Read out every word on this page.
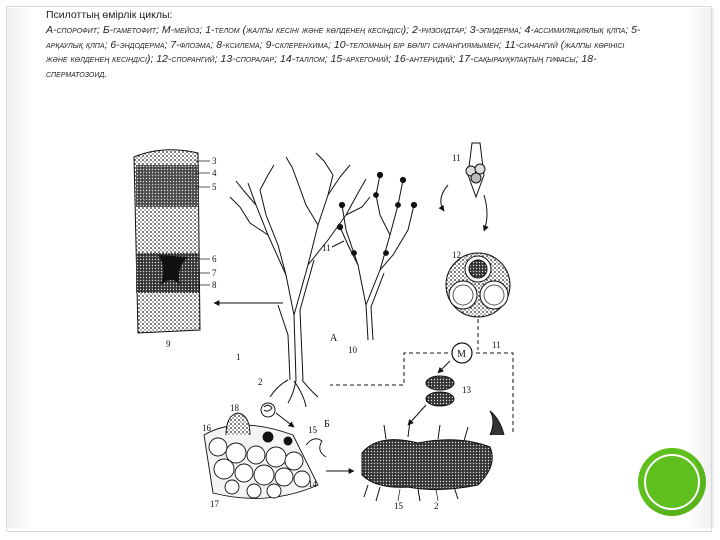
Псилоттың өмірлік циклы:
А-спорофит; Б-гаметофит; М-мейоз; 1-телом (жалпы кесіні және көлденең кесіндісі); 2-ризоидтар; 3-эпидерма; 4-ассимиляциялық қлпа; 5-арқаулық қлпа; 6-эндодерма; 7-флоэма; 8-ксилема; 9-склеренхима; 10-теломның бір бөлігі синангиямымен; 11-синангий (жалпы көрінісі және көлденең кесіндісі); 12-спорангий; 13-споралар; 14-таллом; 15-архегоний; 16-антеридий; 17-сақырауқұлақтың гифасы; 18-сперматозоид.
3
4
5
6
7
8
9
1
2
А
11
10
11
12
11
М
13
Б
18
16	15
17
14
15	2
